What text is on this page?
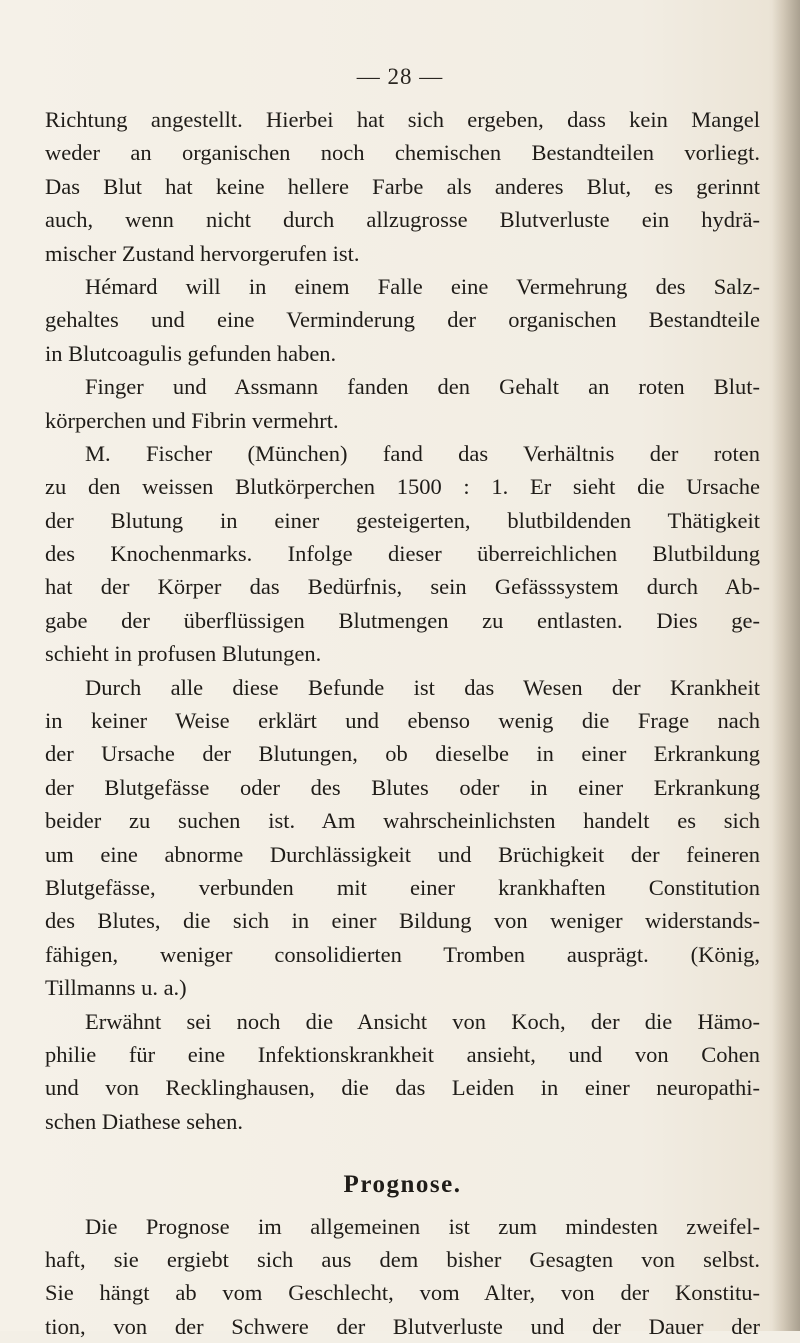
— 28 —
Richtung angestellt. Hierbei hat sich ergeben, dass kein Mangel
weder an organischen noch chemischen Bestandteilen vorliegt.
Das Blut hat keine hellere Farbe als anderes Blut, es gerinnt
auch, wenn nicht durch allzugrosse Blutverluste ein hydrä-
mischer Zustand hervorgerufen ist.
Hémard will in einem Falle eine Vermehrung des Salz-
gehaltes und eine Verminderung der organischen Bestandteile
in Blutcoagulis gefunden haben.
Finger und Assmann fanden den Gehalt an roten Blut-
körperchen und Fibrin vermehrt.
M. Fischer (München) fand das Verhältnis der roten
zu den weissen Blutkörperchen 1500 : 1. Er sieht die Ursache
der Blutung in einer gesteigerten, blutbildenden Thätigkeit
des Knochenmarks. Infolge dieser überreichlichen Blutbildung
hat der Körper das Bedürfnis, sein Gefässsystem durch Ab-
gabe der überflüssigen Blutmengen zu entlasten. Dies ge-
schieht in profusen Blutungen.
Durch alle diese Befunde ist das Wesen der Krankheit
in keiner Weise erklärt und ebenso wenig die Frage nach
der Ursache der Blutungen, ob dieselbe in einer Erkrankung
der Blutgefässe oder des Blutes oder in einer Erkrankung
beider zu suchen ist. Am wahrscheinlichsten handelt es sich
um eine abnorme Durchlässigkeit und Brüchigkeit der feineren
Blutgefässe, verbunden mit einer krankhaften Constitution
des Blutes, die sich in einer Bildung von weniger widerstands-
fähigen, weniger consolidierten Tromben ausprägt. (König,
Tillmanns u. a.)
Erwähnt sei noch die Ansicht von Koch, der die Hämo-
philie für eine Infektionskrankheit ansieht, und von Cohen
und von Recklinghausen, die das Leiden in einer neuropathi-
schen Diathese sehen.
Prognose.
Die Prognose im allgemeinen ist zum mindesten zweifel-
haft, sie ergiebt sich aus dem bisher Gesagten von selbst.
Sie hängt ab vom Geschlecht, vom Alter, von der Konstitu-
tion, von der Schwere der Blutverluste und der Dauer der
